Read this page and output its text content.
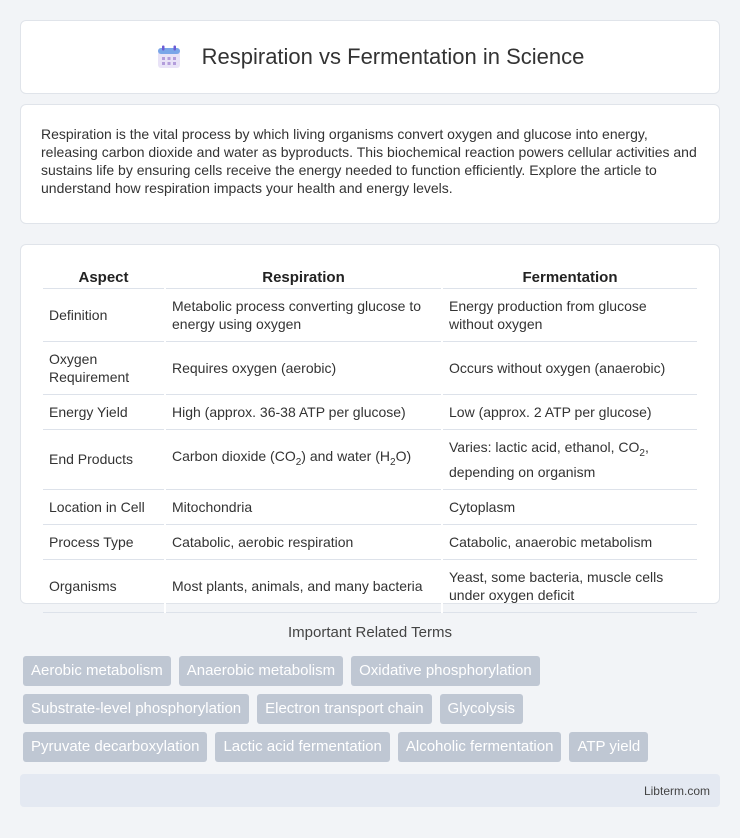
Respiration vs Fermentation in Science

Respiration is the vital process by which living organisms convert oxygen and glucose into energy, releasing carbon dioxide and water as byproducts. This biochemical reaction powers cellular activities and sustains life by ensuring cells receive the energy needed to function efficiently. Explore the article to understand how respiration impacts your health and energy levels.

Aspect	Respiration	Fermentation
Definition	Metabolic process converting glucose to energy using oxygen	Energy production from glucose without oxygen
Oxygen Requirement	Requires oxygen (aerobic)	Occurs without oxygen (anaerobic)
Energy Yield	High (approx. 36-38 ATP per glucose)	Low (approx. 2 ATP per glucose)
End Products	Carbon dioxide $(CO_2)$ and water $(H_2O)$	Varies: lactic acid, ethanol, $CO_2$, depending on organism
Location in Cell	Mitochondria	Cytoplasm
Process Type	Catabolic, aerobic respiration	Catabolic, anaerobic metabolism
Organisms	Most plants, animals, and many bacteria	Yeast, some bacteria, muscle cells under oxygen deficit
Important Related Terms
Aerobic metabolism	Anaerobic metabolism	Oxidative phosphorylation
Substrate-level phosphorylation	Electron transport chain	Glycolysis
Pyruvate decarboxylation	Lactic acid fermentation	Alcoholic fermentation	ATP yield
Libterm.com
